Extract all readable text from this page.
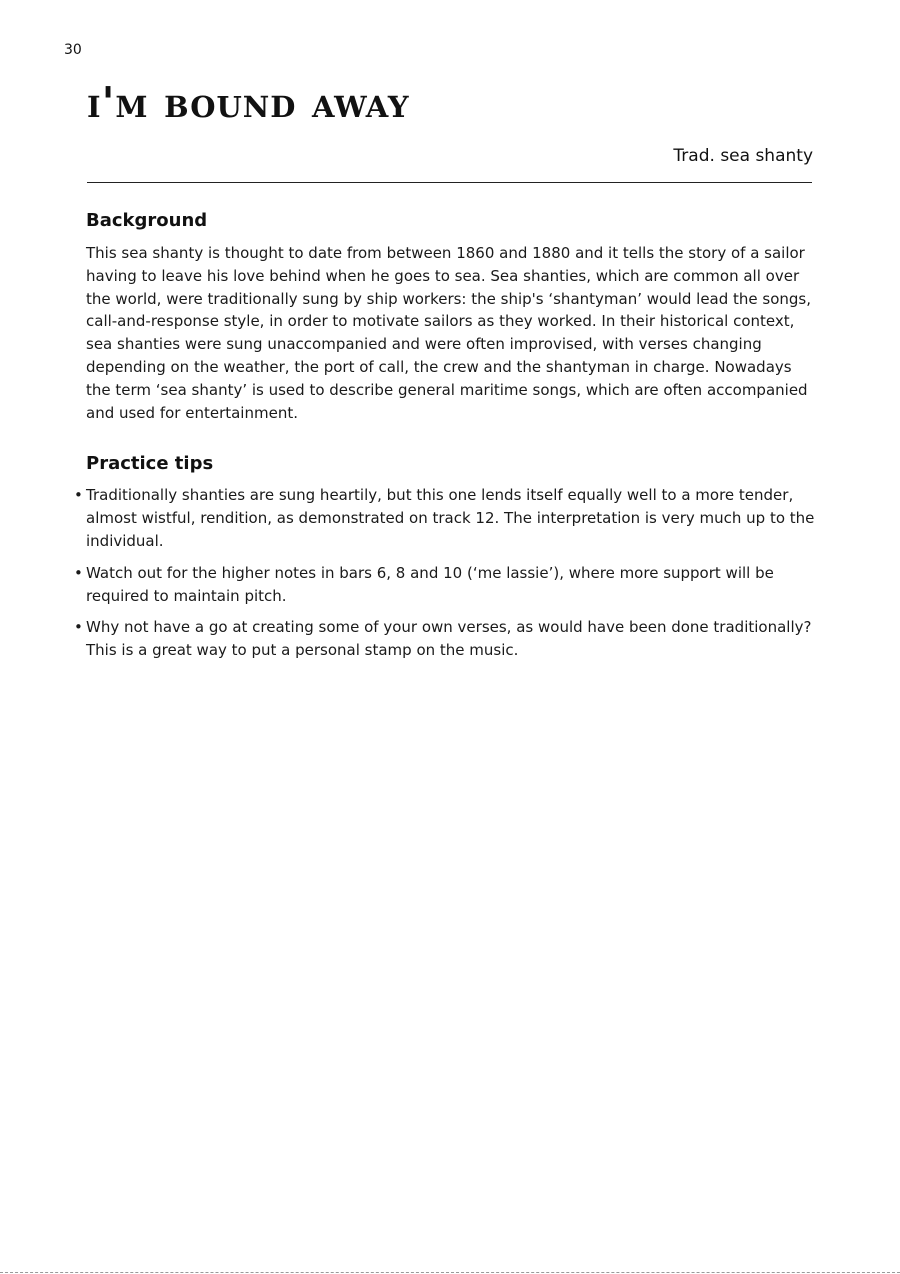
30
i'm bound away
Trad. sea shanty
Background

This sea shanty is thought to date from between 1860 and 1880 and it tells the story of a sailor having to leave his love behind when he goes to sea. Sea shanties, which are common all over the world, were traditionally sung by ship workers: the ship's ‘shantyman’ would lead the songs, call-and-response style, in order to motivate sailors as they worked. In their historical context, sea shanties were sung unaccompanied and were often improvised, with verses changing depending on the weather, the port of call, the crew and the shantyman in charge. Nowadays the term ‘sea shanty’ is used to describe general maritime songs, which are often accompanied and used for entertainment.

Practice tips
• Traditionally shanties are sung heartily, but this one lends itself equally well to a more tender, almost wistful, rendition, as demonstrated on track 12. The interpretation is very much up to the individual.
• Watch out for the higher notes in bars 6, 8 and 10 (‘me lassie’), where more support will be required to maintain pitch.
• Why not have a go at creating some of your own verses, as would have been done traditionally? This is a great way to put a personal stamp on the music.
